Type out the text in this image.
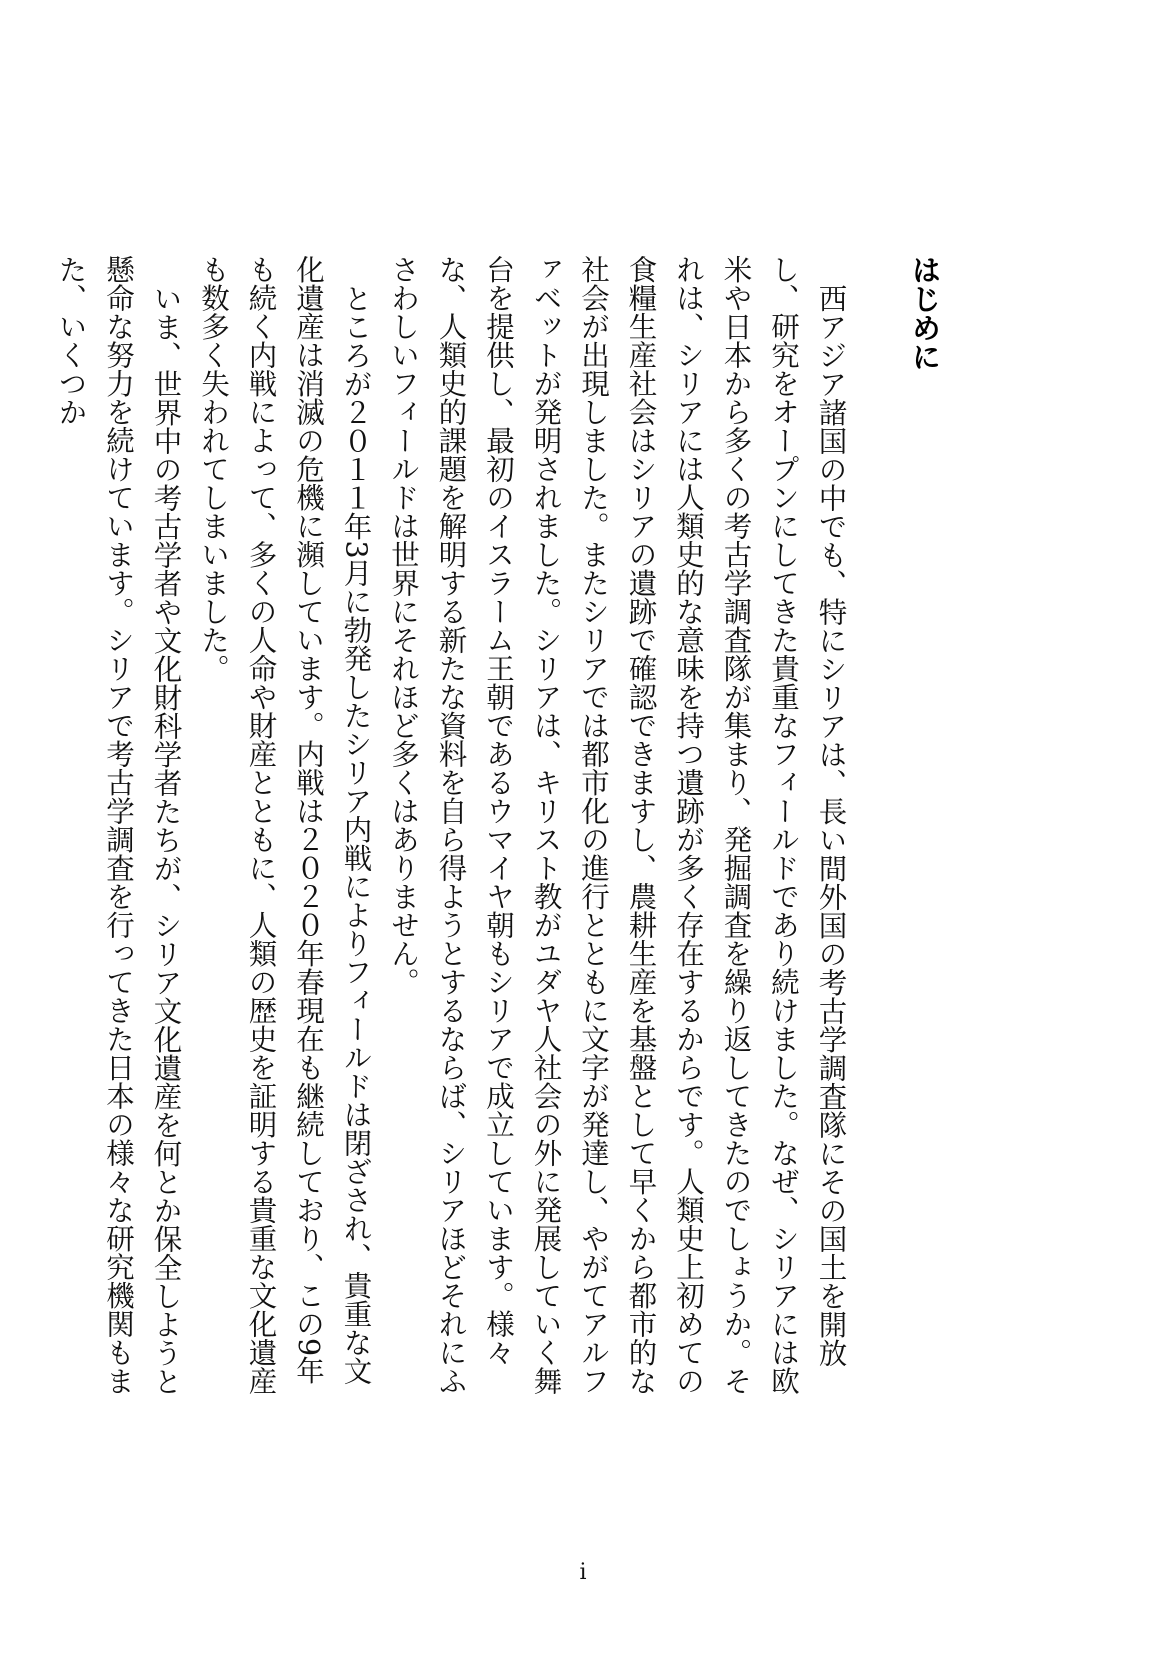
はじめに

西アジア諸国の中でも、特にシリアは、長い間外国の考古学調査隊にその国土を開放し、研究をオープンにしてきた貴重なフィールドであり続けました。なぜ、シリアには欧米や日本から多くの考古学調査隊が集まり、発掘調査を繰り返してきたのでしょうか。それは、シリアには人類史的な意味を持つ遺跡が多く存在するからです。人類史上初めての食糧生産社会はシリアの遺跡で確認できますし、農耕生産を基盤として早くから都市的な社会が出現しました。またシリアでは都市化の進行とともに文字が発達し、やがてアルファベットが発明されました。シリアは、キリスト教がユダヤ人社会の外に発展していく舞台を提供し、最初のイスラーム王朝であるウマイヤ朝もシリアで成立しています。様々な、人類史的課題を解明する新たな資料を自ら得ようとするならば、シリアほどそれにふさわしいフィールドは世界にそれほど多くはありません。

ところが２０１１年3月に勃発したシリア内戦によりフィールドは閉ざされ、貴重な文化遺産は消滅の危機に瀕しています。内戦は２０２０年春現在も継続しており、この9年も続く内戦によって、多くの人命や財産とともに、人類の歴史を証明する貴重な文化遺産も数多く失われてしまいました。

いま、世界中の考古学者や文化財科学者たちが、シリア文化遺産を何とか保全しようと懸命な努力を続けています。シリアで考古学調査を行ってきた日本の様々な研究機関もまた、いくつか

i
